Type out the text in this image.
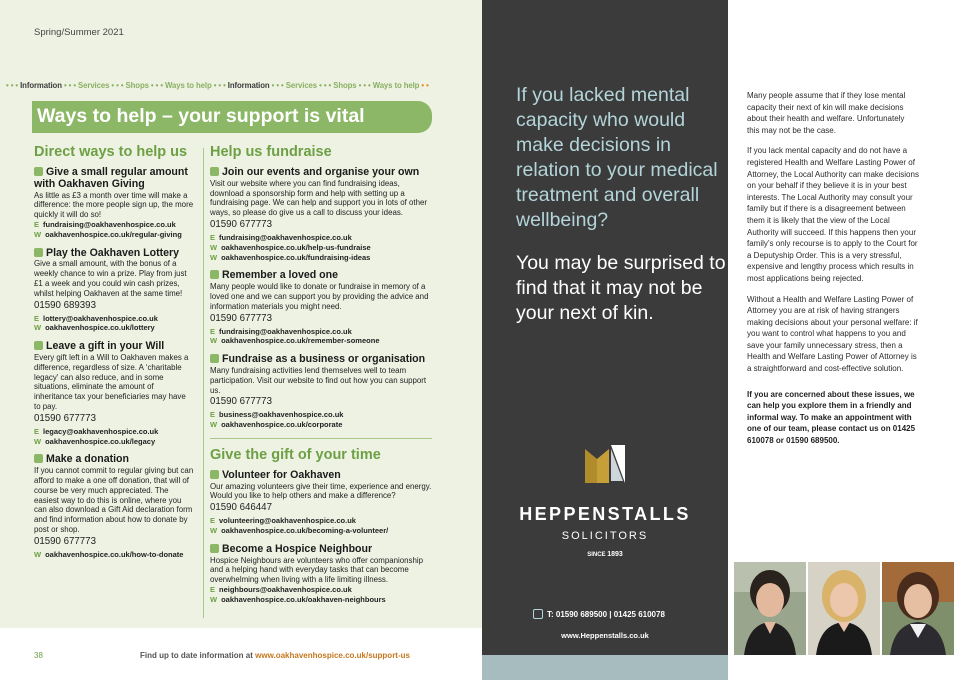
Spring/Summer 2021
• • • Information • • • Services • • • Shops • • • Ways to help • • • Information • • • Services • • • Shops • • • Ways to help • •
Ways to help – your support is vital
Direct ways to help us
Give a small regular amount with Oakhaven Giving
As little as £3 a month over time will make a difference: the more people sign up, the more quickly it will do so!
E fundraising@oakhavenhospice.co.uk
W oakhavenhospice.co.uk/regular-giving
Play the Oakhaven Lottery
Give a small amount, with the bonus of a weekly chance to win a prize. Play from just £1 a week and you could win cash prizes, whilst helping Oakhaven at the same time!
01590 689393
E lottery@oakhavenhospice.co.uk
W oakhavenhospice.co.uk/lottery
Leave a gift in your Will
Every gift left in a Will to Oakhaven makes a difference, regardless of size. A ‘charitable legacy’ can also reduce, and in some situations, eliminate the amount of inheritance tax your beneficiaries may have to pay.
01590 677773
E legacy@oakhavenhospice.co.uk
W oakhavenhospice.co.uk/legacy
Make a donation
If you cannot commit to regular giving but can afford to make a one off donation, that will of course be very much appreciated. The easiest way to do this is online, where you can also download a Gift Aid declaration form and find information about how to donate by post or shop.
01590 677773
W oakhavenhospice.co.uk/how-to-donate
Help us fundraise
Join our events and organise your own
Visit our website where you can find fundraising ideas, download a sponsorship form and help with setting up a fundraising page. We can help and support you in lots of other ways, so please do give us a call to discuss your ideas.
01590 677773
E fundraising@oakhavenhospice.co.uk
W oakhavenhospice.co.uk/help-us-fundraise
W oakhavenhospice.co.uk/fundraising-ideas
Remember a loved one
Many people would like to donate or fundraise in memory of a loved one and we can support you by providing the advice and information materials you might need.
01590 677773
E fundraising@oakhavenhospice.co.uk
W oakhavenhospice.co.uk/remember-someone
Fundraise as a business or organisation
Many fundraising activities lend themselves well to team participation. Visit our website to find out how you can support us.
01590 677773
E business@oakhavenhospice.co.uk
W oakhavenhospice.co.uk/corporate
Give the gift of your time
Volunteer for Oakhaven
Our amazing volunteers give their time, experience and energy. Would you like to help others and make a difference?
01590 646447
E volunteering@oakhavenhospice.co.uk
W oakhavenhospice.co.uk/becoming-a-volunteer/
Become a Hospice Neighbour
Hospice Neighbours are volunteers who offer companionship and a helping hand with everyday tasks that can become overwhelming when living with a life limiting illness.
E neighbours@oakhavenhospice.co.uk
W oakhavenhospice.co.uk/oakhaven-neighbours
38	Find up to date information at www.oakhavenhospice.co.uk/support-us
If you lacked mental capacity who would make decisions in relation to your medical treatment and overall wellbeing?
You may be surprised to find that it may not be your next of kin.
HEPPENSTALLS
SOLICITORS
SINCE 1893
T: 01590 689500 | 01425 610078
www.Heppenstalls.co.uk

Many people assume that if they lose mental capacity their next of kin will make decisions about their health and welfare. Unfortunately this may not be the case.

If you lack mental capacity and do not have a registered Health and Welfare Lasting Power of Attorney, the Local Authority can make decisions on your behalf if they believe it is in your best interests. The Local Authority may consult your family but if there is a disagreement between them it is likely that the view of the Local Authority will succeed. If this happens then your family’s only recourse is to apply to the Court for a Deputyship Order. This is a very stressful, expensive and lengthy process which results in most applications being rejected.

Without a Health and Welfare Lasting Power of Attorney you are at risk of having strangers making decisions about your personal welfare: if you want to control what happens to you and save your family unnecessary stress, then a Health and Welfare Lasting Power of Attorney is a straightforward and cost-effective solution.

If you are concerned about these issues, we can help you explore them in a friendly and informal way. To make an appointment with one of our team, please contact us on 01425 610078 or 01590 689500.
